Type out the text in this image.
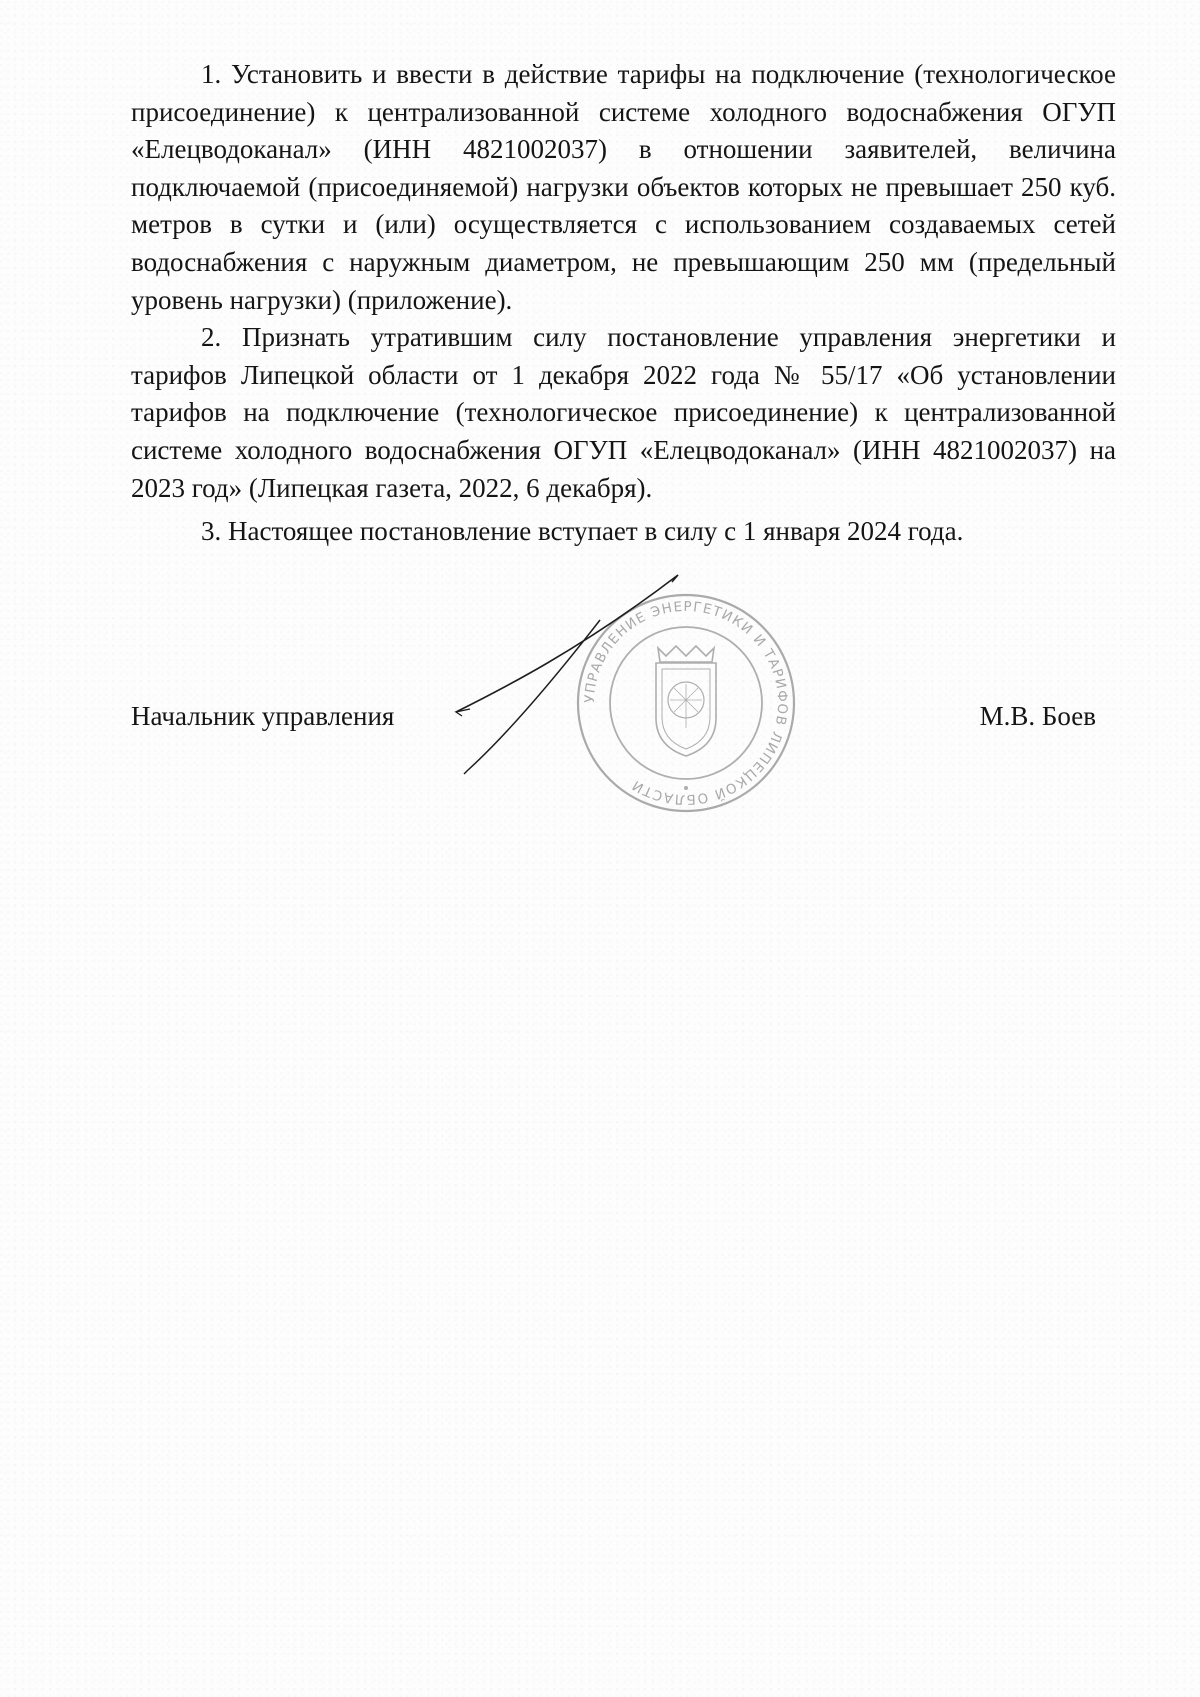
1. Установить и ввести в действие тарифы на подключение (технологическое присоединение) к централизованной системе холодного водоснабжения ОГУП «Елецводоканал» (ИНН 4821002037) в отношении заявителей, величина подключаемой (присоединяемой) нагрузки объектов которых не превышает 250 куб. метров в сутки и (или) осуществляется с использованием создаваемых сетей водоснабжения с наружным диаметром, не превышающим 250 мм (предельный уровень нагрузки) (приложение).

2. Признать утратившим силу постановление управления энергетики и тарифов Липецкой области от 1 декабря 2022 года № 55/17 «Об установлении тарифов на подключение (технологическое присоединение) к централизованной системе холодного водоснабжения ОГУП «Елецводоканал» (ИНН 4821002037) на 2023 год» (Липецкая газета, 2022, 6 декабря).

3. Настоящее постановление вступает в силу с 1 января 2024 года.

УПРАВЛЕНИЕ ЭНЕРГЕТИКИ И ТАРИФОВ ЛИПЕЦКОЙ ОБЛАСТИ
Начальник управления	М.В. Боев
